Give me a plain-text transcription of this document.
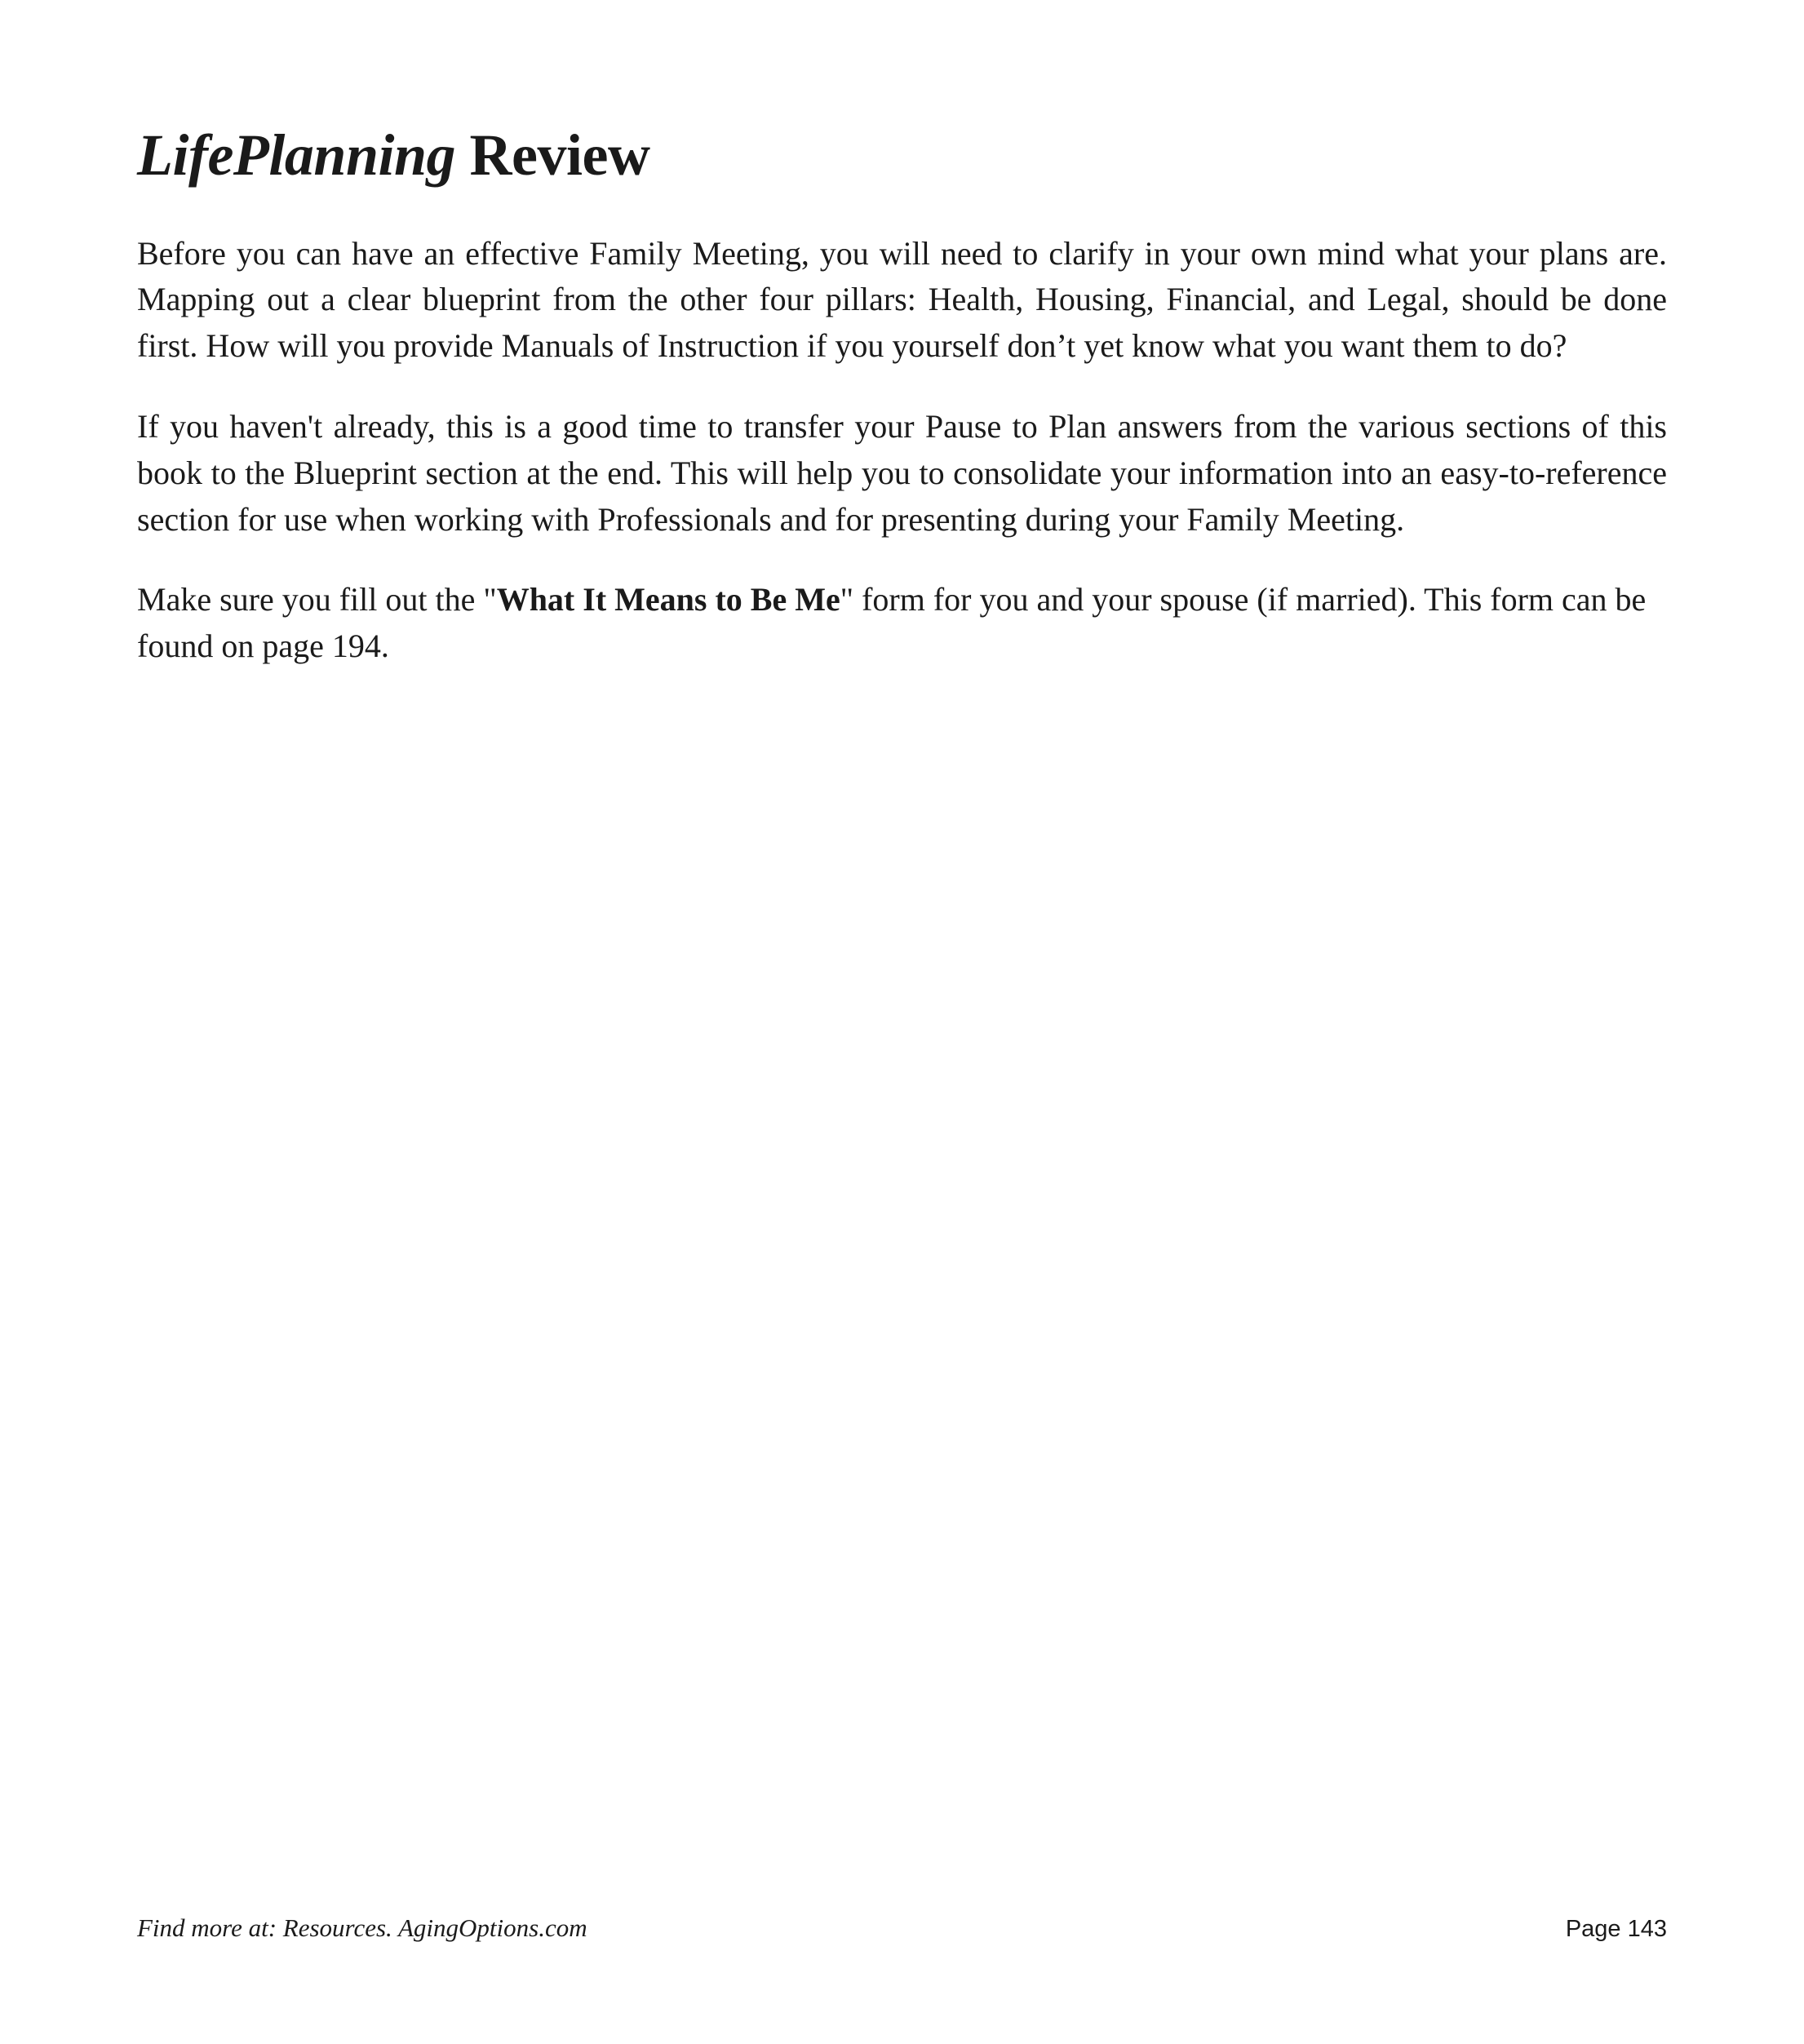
LifePlanning Review

Before you can have an effective Family Meeting, you will need to clarify in your own mind what your plans are. Mapping out a clear blueprint from the other four pillars: Health, Housing, Financial, and Legal, should be done first. How will you provide Manuals of Instruction if you yourself don’t yet know what you want them to do?

If you haven't already, this is a good time to transfer your Pause to Plan answers from the various sections of this book to the Blueprint section at the end. This will help you to consolidate your information into an easy-to-reference section for use when working with Professionals and for presenting during your Family Meeting.

Make sure you fill out the "What It Means to Be Me" form for you and your spouse (if married). This form can be found on page 194.

Find more at: Resources. AgingOptions.com	Page 143
